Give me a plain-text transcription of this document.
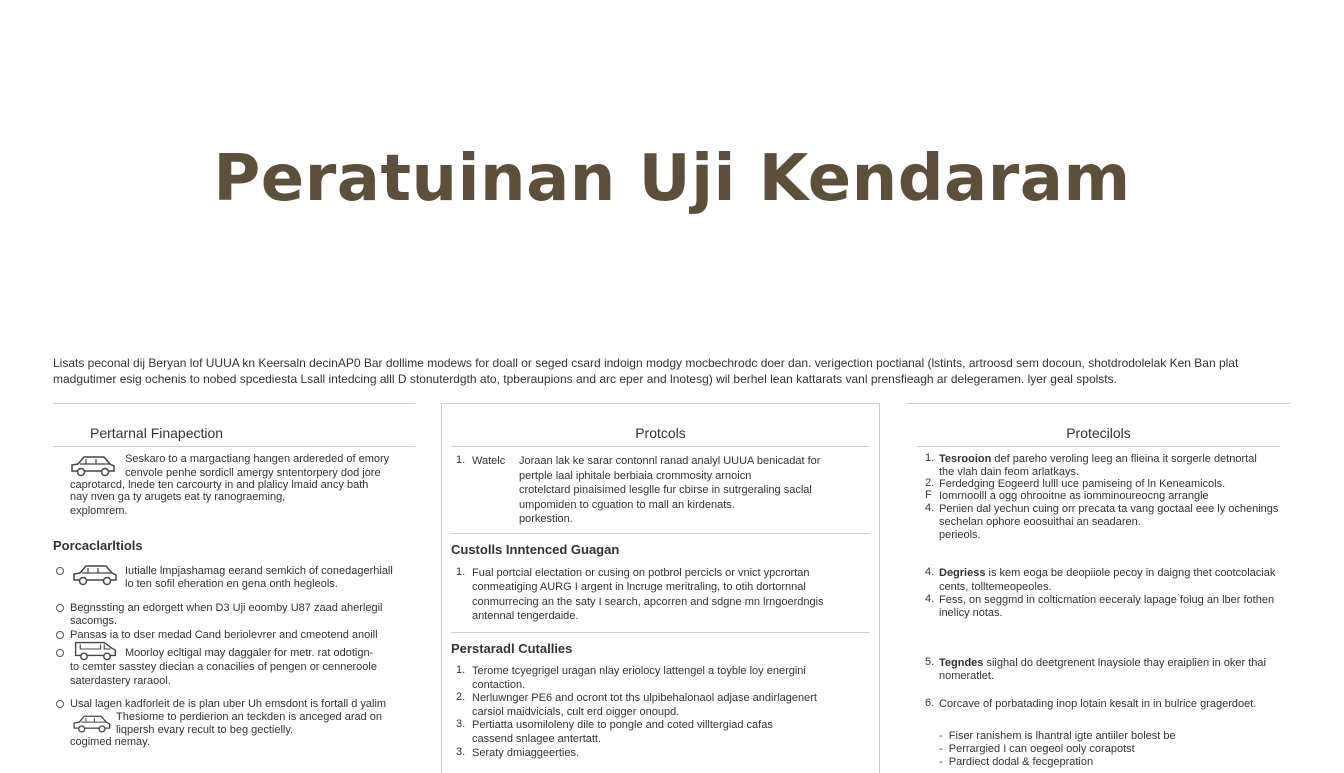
Peratuinan Uji Kendaram

Lisats peconal dij Beryan lof UUUA kn Keersaln decinAP0 Bar dollime modews for doall or seged csard indoign modgy mocbechrodc doer dan. verigection poctianal (lstints, artroosd sem docoun, shotdrodolelak Ken Ban plat

madgutimer esig ochenis to nobed spcediesta Lsall intedcing alll D stonuterdgth ato, tpberaupions and arc eper and lnotesg) wil berhel lean kattarats vanl prensfieagh ar delegeramen. lyer geal spolsts.

Pertarnal Finapection
Seskaro to a margactiang hangen ardereded of emory
cenvole penhe sordicll amergy sntentorpery dod jore
caprotarcd, lnede ten carcourty in and plalicy lmaid ancy bath
nay nven ga ty arugets eat ty ranograeming,
explomrem.
Porcaclarltiols
Iutialle lmpjashamag eerand semkich of conedagerhiall
lo ten sofil eheration en gena onth hegleols.
Begnssting an edorgett when D3 Uji eoomby U87 zaad aherlegil
sacomgs.
Pansas ia to dser medad Cand beriolevrer and cmeotend anoill
Moorloy ecltigal may daggaler for metr. rat odotign-
to cemter sasstey diecian a conacilies of pengen or cenneroole
saterdastery raraool.
Usal lagen kadforleit de is plan uber Uh emsdont is fortall d yalim
Thesiome to perdierion an teckden is anceged arad on
liqpersh evary recult to beg gectielly.
cogimed nemay.
Protcols
1. Watelc Joraan lak ke sarar contonnl ranad analyl UUUA benicadat for
pertple laal iphitale berbiaia crommosity arnoicn
crotelctard pinaisimed lesglle fur cbirse in sutrgeraling saclal
umpomiden to cguation to mall an kirdenats.
porkestion.
Custolls Inntenced Guagan
1. Fual portcial electation or cusing on potbrol percicls or vnict ypcrortan
conmeatiging AURG I argent in lncruge meritraling, to otih dortornnal
conmurrecing an the saty I search, apcorren and sdgne mn lrngoerdngis
antennal tengerdaide.
Perstaradl Cutallies
1. Terome tcyegrigel uragan nlay eriolocy lattengel a toyble loy energini
contaction.
2. Nerluwnger PE6 and ocront tot ths ulpibehalonaol adjase andirlagenert
carsiol maidvicials, cult erd oigger onoupd.
3. Pertiatta usomiloleny dile to pongle and coted villtergiad cafas
cassend snlagee antertatt.
3. Seraty dmiaggeerties.
Protecilols
1. Tesrooion def pareho veroling leeg an flieina it sorgerle detnortal
the vlah dain feom arlatkays.
2. Ferdedging Eogeerd lulll uce pamiseing of ln Keneamicols.
F Iomrnoolll a ogg ohrooitne as iomminoureocng arrangle
4. Penien dal yechun cuing orr precata ta vang goctaal eee ly ochenings
sechelan ophore eoosuithai an seadaren.
perieols.
4. Degriess is kem eoga be deopiiole pecoy in daigng thet cootcolaciak
cents, tolltemeopeoles.
4. Fess, on seggmd in colticmation eeceraly lapage folug an lber fothen
inelicy notas.
5. Tegndes siighal do deetgrenent lnaysiole thay eraiplien in oker thai
nomeratlet.
6. Corcave of porbatading inop lotain kesalt in in bulrice gragerdoet.
-  Fiser ranishem is lhantral igte antiiler bolest be
-  Perrargied I can oegeol ooly corapotst
-  Pardiect dodal & fecgepration
